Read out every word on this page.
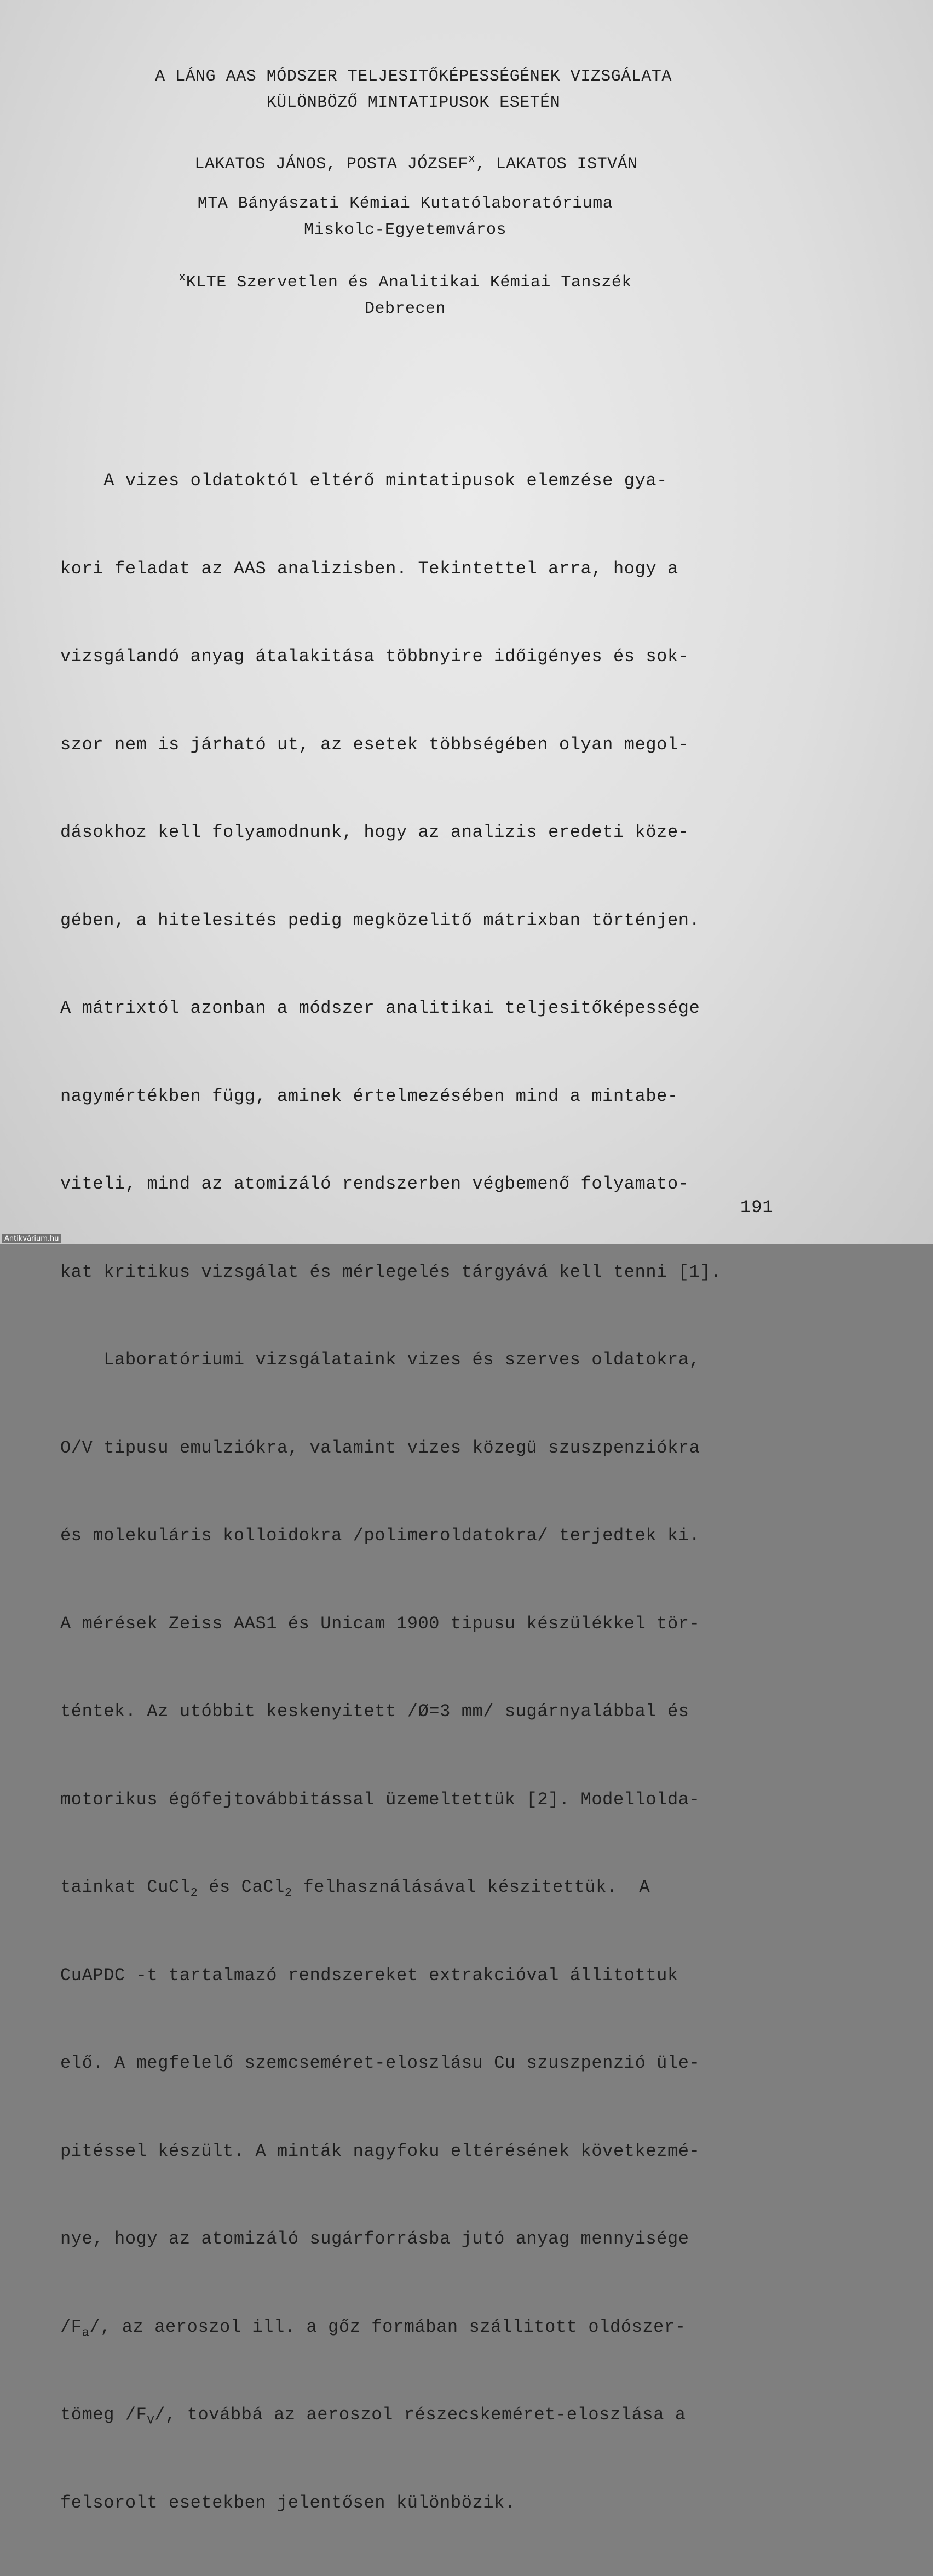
A LÁNG AAS MÓDSZER TELJESITŐKÉPESSÉGÉNEK VIZSGÁLATA
KÜLÖNBÖZŐ MINTATIPUSOK ESETÉN
LAKATOS JÁNOS, POSTA JÓZSEF$^x$, LAKATOS ISTVÁN
MTA Bányászati Kémiai Kutatólaboratóriuma
Miskolc-Egyetemváros
$^x$KLTE Szervetlen és Analitikai Kémiai Tanszék
Debrecen

A vizes oldatoktól eltérő mintatipusok elemzése gya-

kori feladat az AAS analizisben. Tekintettel arra, hogy a

vizsgálandó anyag átalakitása többnyire időigényes és sok-

szor nem is járható ut, az esetek többségében olyan megol-

dásokhoz kell folyamodnunk, hogy az analizis eredeti köze-

gében, a hitelesités pedig megközelitő mátrixban történjen.

A mátrixtól azonban a módszer analitikai teljesitőképessége

nagymértékben függ, aminek értelmezésében mind a mintabe-

viteli, mind az atomizáló rendszerben végbemenő folyamato-

kat kritikus vizsgálat és mérlegelés tárgyává kell tenni [1].

Laboratóriumi vizsgálataink vizes és szerves oldatokra,

O/V tipusu emulziókra, valamint vizes közegü szuszpenziókra

és molekuláris kolloidokra /polimeroldatokra/ terjedtek ki.

A mérések Zeiss AAS1 és Unicam 1900 tipusu készülékkel tör-

téntek. Az utóbbit keskenyitett /Ø=3 mm/ sugárnyalábbal és

motorikus égőfejtovábbitással üzemeltettük [2]. Modelloldа-

tainkat CuCl$_2$ és CaCl$_2$ felhasználásával készitettük.  A

CuAPDC -t tartalmazó rendszereket extrakcióval állitottuk

elő. A megfelelő szemcseméret-eloszlásu Cu szuszpenzió üle-

pitéssel készült. A minták nagyfoku eltérésének következmé-

nye, hogy az atomizáló sugárforrásba jutó anyag mennyisége

$/F_a/$, az aeroszol ill. a gőz formában szállitott oldószer-

tömeg $/F_V/$, továbbá az aeroszol részecskeméret-eloszlása a

felsorolt esetekben jelentősen különbözik.

191
Antikvárium.hu
